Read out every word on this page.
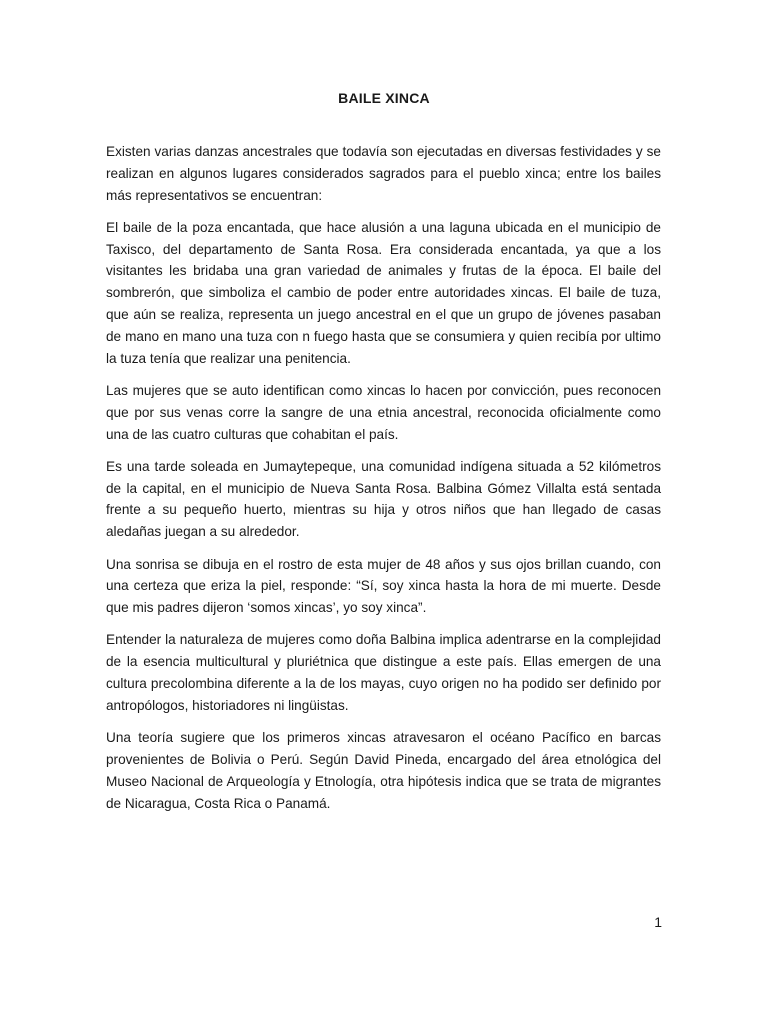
BAILE XINCA

Existen varias danzas ancestrales que todavía son ejecutadas en diversas festividades y se realizan en algunos lugares considerados sagrados para el pueblo xinca; entre los bailes más representativos se encuentran:

El baile de la poza encantada, que hace alusión a una laguna ubicada en el municipio de Taxisco, del departamento de Santa Rosa. Era considerada encantada, ya que a los visitantes les bridaba una gran variedad de animales y frutas de la época. El baile del sombrerón, que simboliza el cambio de poder entre autoridades xincas. El baile de tuza, que aún se realiza, representa un juego ancestral en el que un grupo de jóvenes pasaban de mano en mano una tuza con n fuego hasta que se consumiera y quien recibía por ultimo la tuza tenía que realizar una penitencia.

Las mujeres que se auto identifican como xincas lo hacen por convicción, pues reconocen que por sus venas corre la sangre de una etnia ancestral, reconocida oficialmente como una de las cuatro culturas que cohabitan el país.

Es una tarde soleada en Jumaytepeque, una comunidad indígena situada a 52 kilómetros de la capital, en el municipio de Nueva Santa Rosa. Balbina Gómez Villalta está sentada frente a su pequeño huerto, mientras su hija y otros niños que han llegado de casas aledañas juegan a su alrededor.

Una sonrisa se dibuja en el rostro de esta mujer de 48 años y sus ojos brillan cuando, con una certeza que eriza la piel, responde: “Sí, soy xinca hasta la hora de mi muerte. Desde que mis padres dijeron ‘somos xincas’, yo soy xinca”.

Entender la naturaleza de mujeres como doña Balbina implica adentrarse en la complejidad de la esencia multicultural y pluriétnica que distingue a este país. Ellas emergen de una cultura precolombina diferente a la de los mayas, cuyo origen no ha podido ser definido por antropólogos, historiadores ni lingüistas.

Una teoría sugiere que los primeros xincas atravesaron el océano Pacífico en barcas provenientes de Bolivia o Perú. Según David Pineda, encargado del área etnológica del Museo Nacional de Arqueología y Etnología, otra hipótesis indica que se trata de migrantes de Nicaragua, Costa Rica o Panamá.

1
